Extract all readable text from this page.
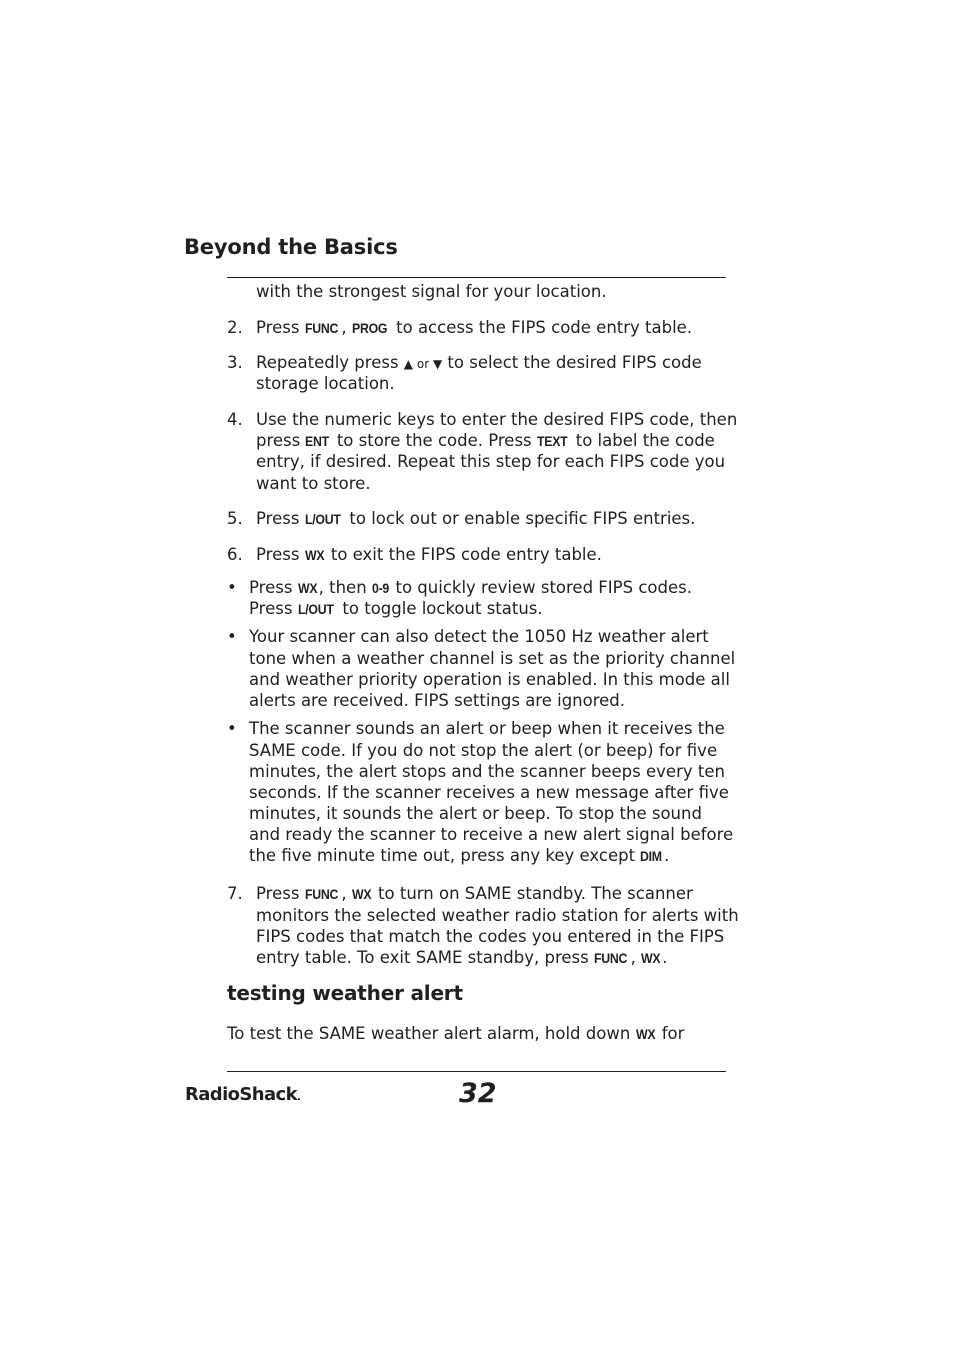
Beyond the Basics
with the strongest signal for your location.
2. Press FUNC , PROG to access the FIPS code entry table.
3. Repeatedly press ▲ or ▼ to select the desired FIPS code
storage location.
4. Use the numeric keys to enter the desired FIPS code, then
press ENT to store the code. Press TEXT to label the code
entry, if desired. Repeat this step for each FIPS code you
want to store.
5. Press L/OUT to lock out or enable specific FIPS entries.
6. Press WX to exit the FIPS code entry table.
• Press WX, then 0-9 to quickly review stored FIPS codes.
Press L/OUT to toggle lockout status.
• Your scanner can also detect the 1050 Hz weather alert
tone when a weather channel is set as the priority channel
and weather priority operation is enabled. In this mode all
alerts are received. FIPS settings are ignored.
• The scanner sounds an alert or beep when it receives the
SAME code. If you do not stop the alert (or beep) for five
minutes, the alert stops and the scanner beeps every ten
seconds. If the scanner receives a new message after five
minutes, it sounds the alert or beep. To stop the sound
and ready the scanner to receive a new alert signal before
the five minute time out, press any key except DIM .
7. Press FUNC , WX to turn on SAME standby. The scanner
monitors the selected weather radio station for alerts with
FIPS codes that match the codes you entered in the FIPS
entry table. To exit SAME standby, press FUNC , WX.
testing weather alert
To test the SAME weather alert alarm, hold down WX for
RadioShack.	32
